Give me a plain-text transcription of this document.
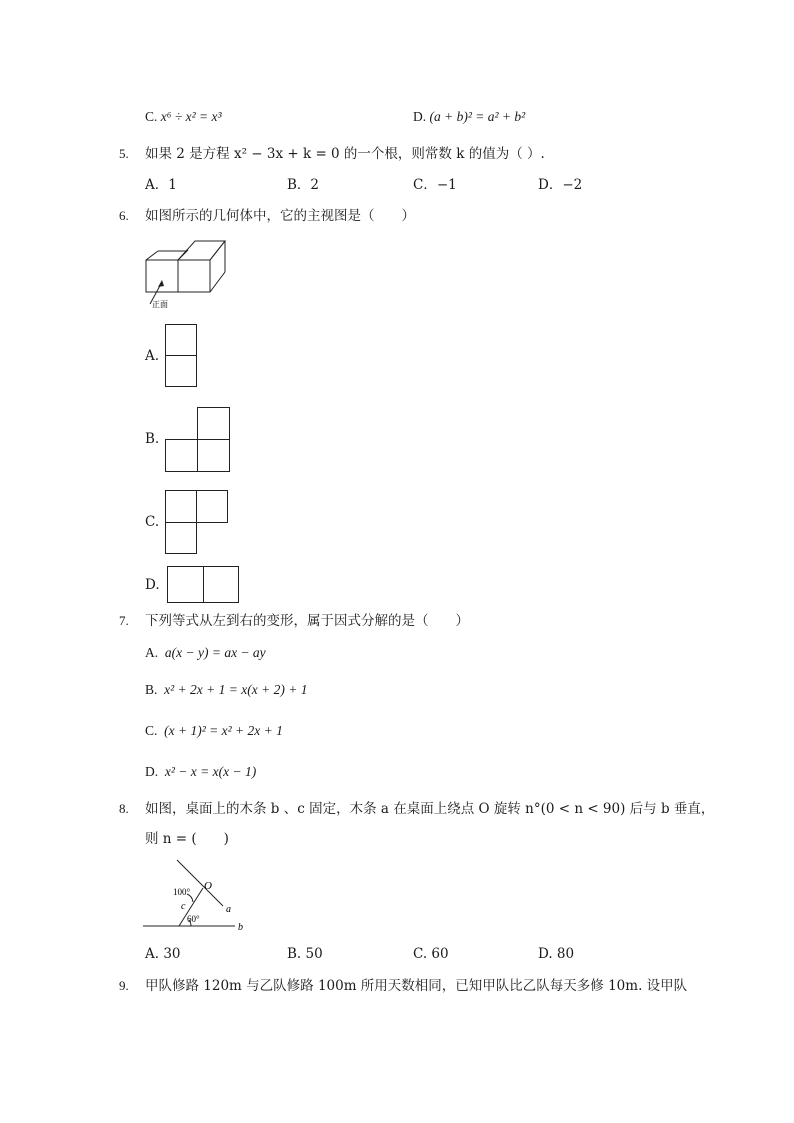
C. x⁶ ÷ x² = x³	D. (a + b)² = a² + b²
5. 如果 2 是方程 x² − 3x + k = 0 的一个根，则常数 k 的值为（ ）.
A．1	B．2	C．−1	D．−2
6. 如图所示的几何体中，它的主视图是（　　）
正面
A.
B.
C.
D.
7. 下列等式从左到右的变形，属于因式分解的是（　　）
A. a(x − y) = ax − ay
B. x² + 2x + 1 = x(x + 2) + 1
C. (x + 1)² = x² + 2x + 1
D. x² − x = x(x − 1)
8. 如图，桌面上的木条 b 、c 固定，木条 a 在桌面上绕点 O 旋转 n°(0 < n < 90) 后与 b 垂直，
则 n = (　　)
100° O
c
60°
a
b
A. 30	B. 50	C. 60	D. 80
9. 甲队修路 120m 与乙队修路 100m 所用天数相同，已知甲队比乙队每天多修 10m. 设甲队
